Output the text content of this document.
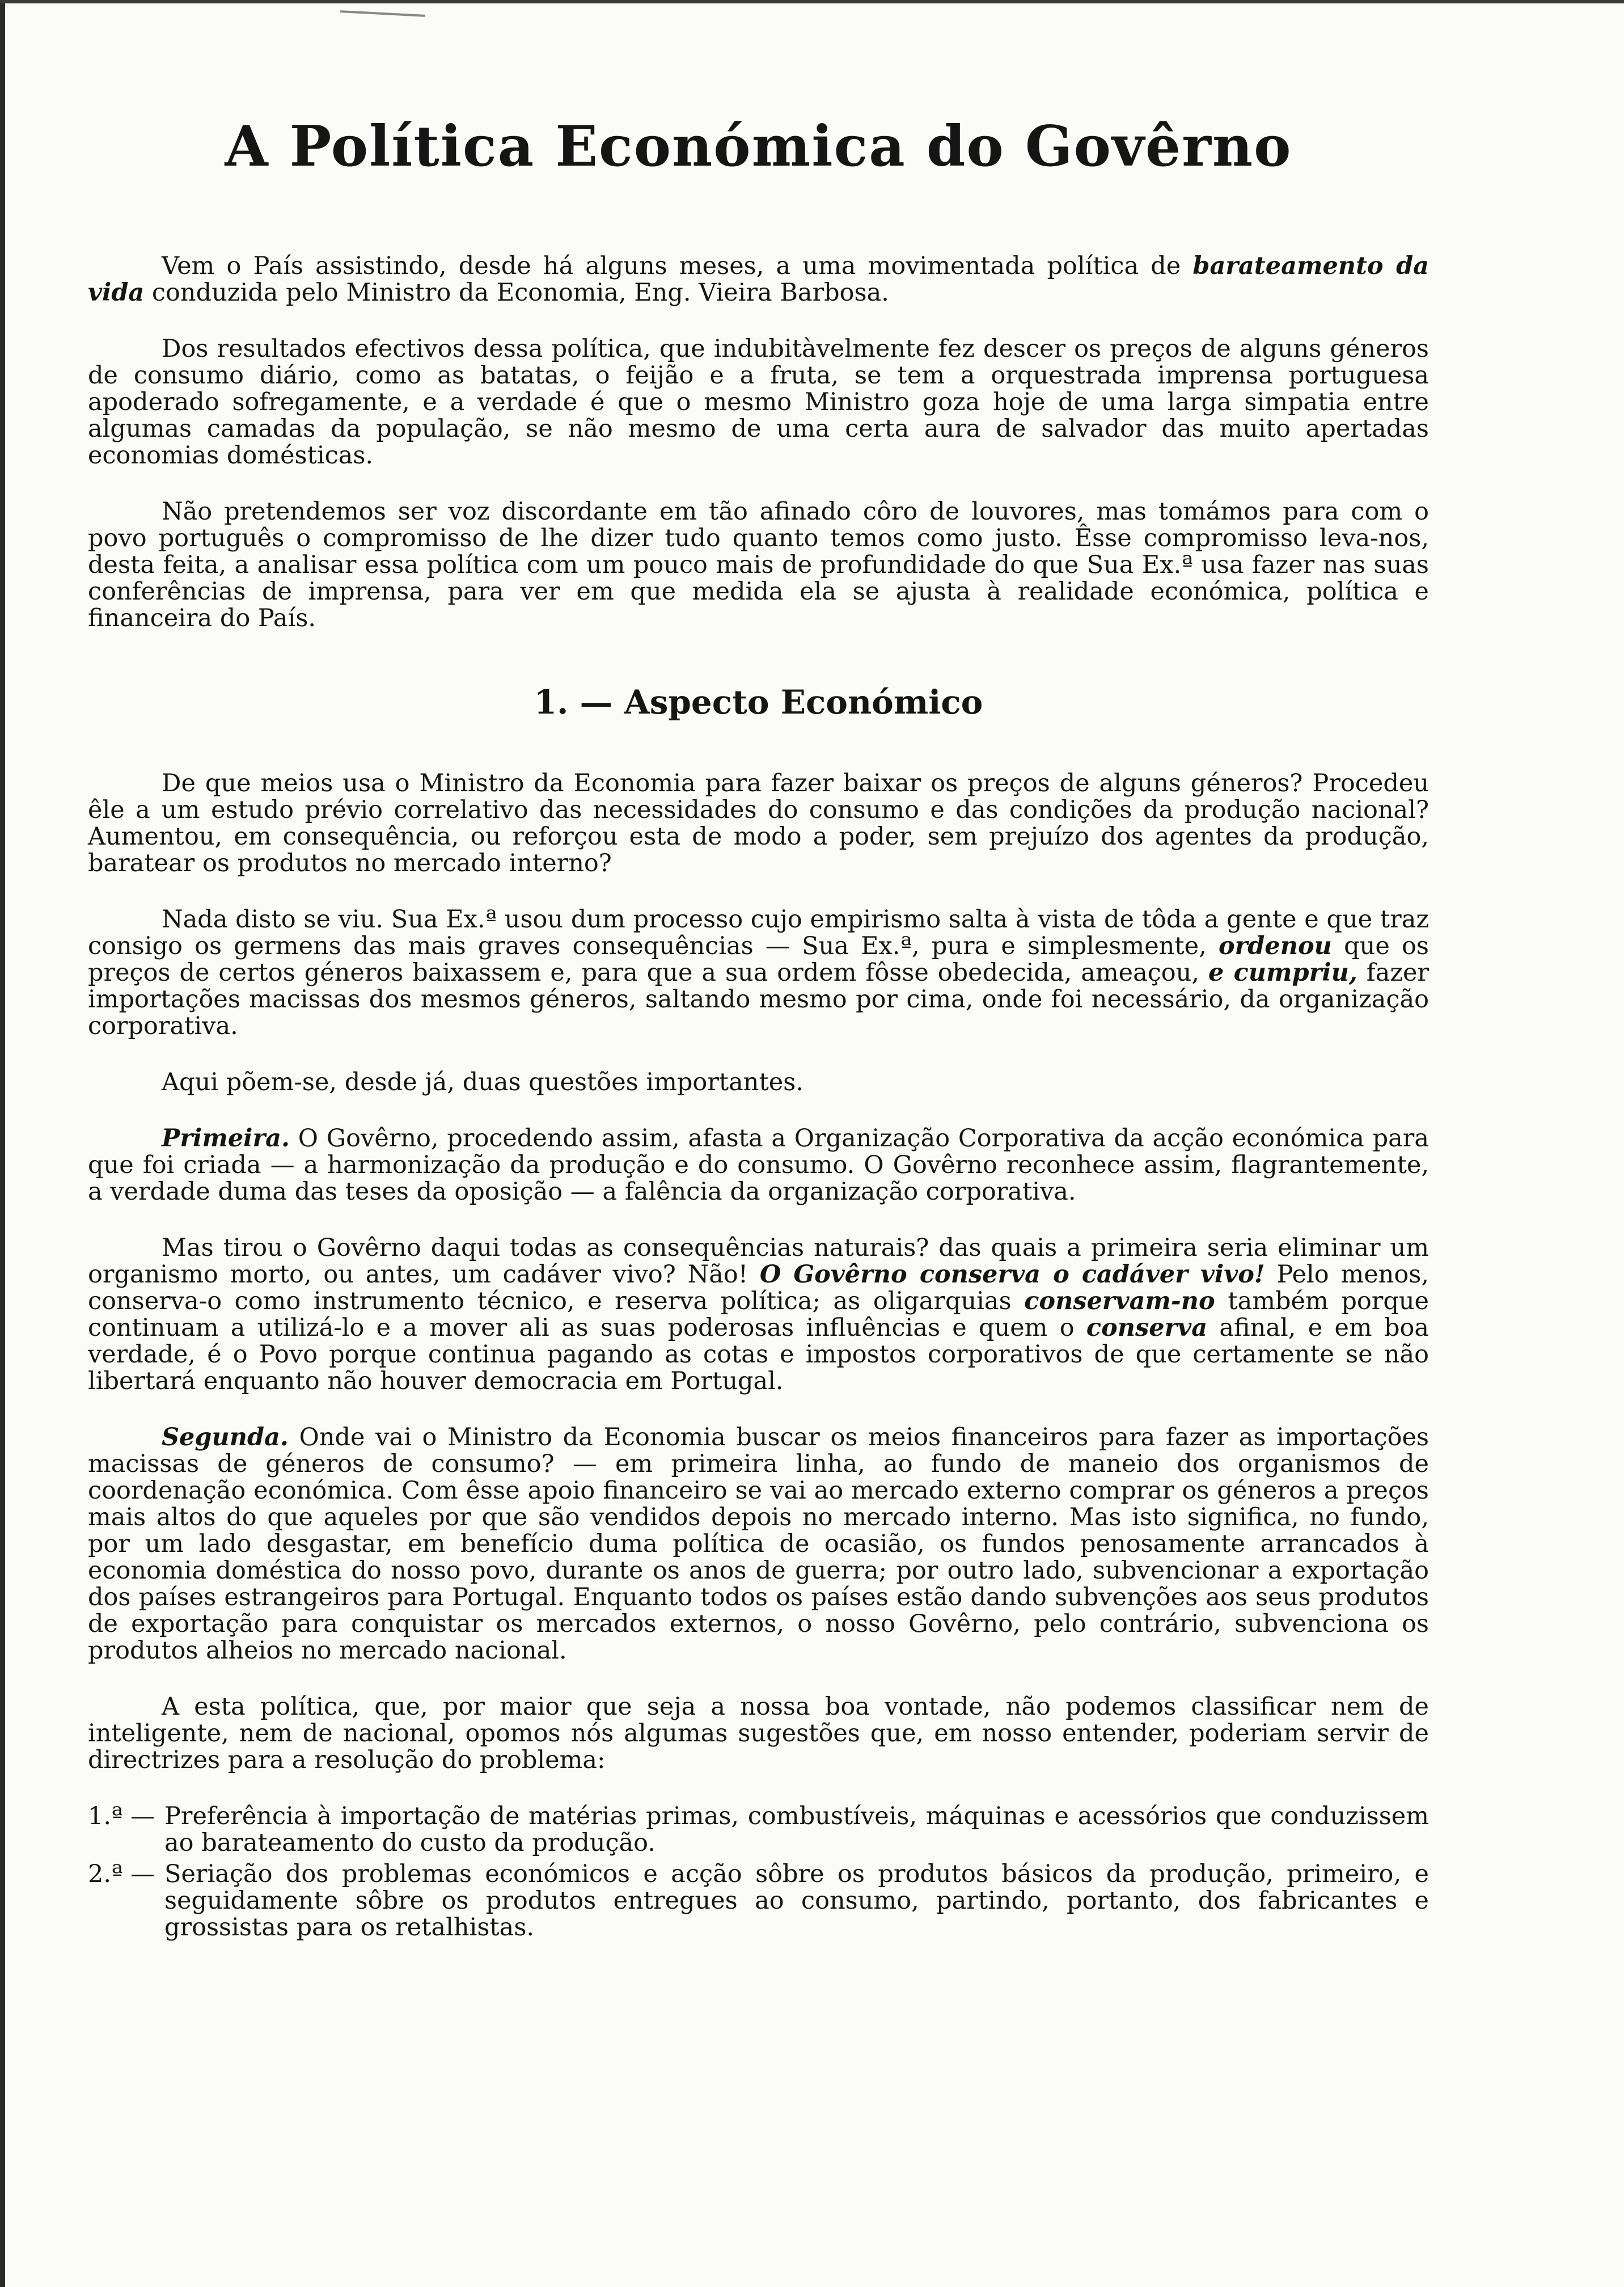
A Política Económica do Govêrno

Vem o País assistindo, desde há alguns meses, a uma movimentada política de barateamento da vida conduzida pelo Ministro da Economia, Eng. Vieira Barbosa.

Dos resultados efectivos dessa política, que indubitàvelmente fez descer os preços de alguns géneros de consumo diário, como as batatas, o feijão e a fruta, se tem a orquestrada imprensa portuguesa apoderado sofregamente, e a verdade é que o mesmo Ministro goza hoje de uma larga simpatia entre algumas camadas da população, se não mesmo de uma certa aura de salvador das muito apertadas economias domésticas.

Não pretendemos ser voz discordante em tão afinado côro de louvores, mas tomámos para com o povo português o compromisso de lhe dizer tudo quanto temos como justo. Êsse compromisso leva-nos, desta feita, a analisar essa política com um pouco mais de profundidade do que Sua Ex.ª usa fazer nas suas conferências de imprensa, para ver em que medida ela se ajusta à realidade económica, política e financeira do País.

1. — Aspecto Económico

De que meios usa o Ministro da Economia para fazer baixar os preços de alguns géneros? Procedeu êle a um estudo prévio correlativo das necessidades do consumo e das condições da produção nacional? Aumentou, em consequência, ou reforçou esta de modo a poder, sem prejuízo dos agentes da produção, baratear os produtos no mercado interno?

Nada disto se viu. Sua Ex.ª usou dum processo cujo empirismo salta à vista de tôda a gente e que traz consigo os germens das mais graves consequências — Sua Ex.ª, pura e simplesmente, ordenou que os preços de certos géneros baixassem e, para que a sua ordem fôsse obedecida, ameaçou, e cumpriu, fazer importações macissas dos mesmos géneros, saltando mesmo por cima, onde foi necessário, da organização corporativa.

Aqui põem-se, desde já, duas questões importantes.

Primeira. O Govêrno, procedendo assim, afasta a Organização Corporativa da acção económica para que foi criada — a harmonização da produção e do consumo. O Govêrno reconhece assim, flagrantemente, a verdade duma das teses da oposição — a falência da organização corporativa.

Mas tirou o Govêrno daqui todas as consequências naturais? das quais a primeira seria eliminar um organismo morto, ou antes, um cadáver vivo? Não! O Govêrno conserva o cadáver vivo! Pelo menos, conserva-o como instrumento técnico, e reserva política; as oligarquias conservam-no também porque continuam a utilizá-lo e a mover ali as suas poderosas influências e quem o conserva afinal, e em boa verdade, é o Povo porque continua pagando as cotas e impostos corporativos de que certamente se não libertará enquanto não houver democracia em Portugal.

Segunda. Onde vai o Ministro da Economia buscar os meios financeiros para fazer as importações macissas de géneros de consumo? — em primeira linha, ao fundo de maneio dos organismos de coordenação económica. Com êsse apoio financeiro se vai ao mercado externo comprar os géneros a preços mais altos do que aqueles por que são vendidos depois no mercado interno. Mas isto significa, no fundo, por um lado desgastar, em benefício duma política de ocasião, os fundos penosamente arrancados à economia doméstica do nosso povo, durante os anos de guerra; por outro lado, subvencionar a exportação dos países estrangeiros para Portugal. Enquanto todos os países estão dando subvenções aos seus produtos de exportação para conquistar os mercados externos, o nosso Govêrno, pelo contrário, subvenciona os produtos alheios no mercado nacional.

A esta política, que, por maior que seja a nossa boa vontade, não podemos classificar nem de inteligente, nem de nacional, opomos nós algumas sugestões que, em nosso entender, poderiam servir de directrizes para a resolução do problema:

1.ª — Preferência à importação de matérias primas, combustíveis, máquinas e acessórios que conduzissem ao barateamento do custo da produção.
2.ª — Seriação dos problemas económicos e acção sôbre os produtos básicos da produção, primeiro, e seguidamente sôbre os produtos entregues ao consumo, partindo, portanto, dos fabricantes e grossistas para os retalhistas.
